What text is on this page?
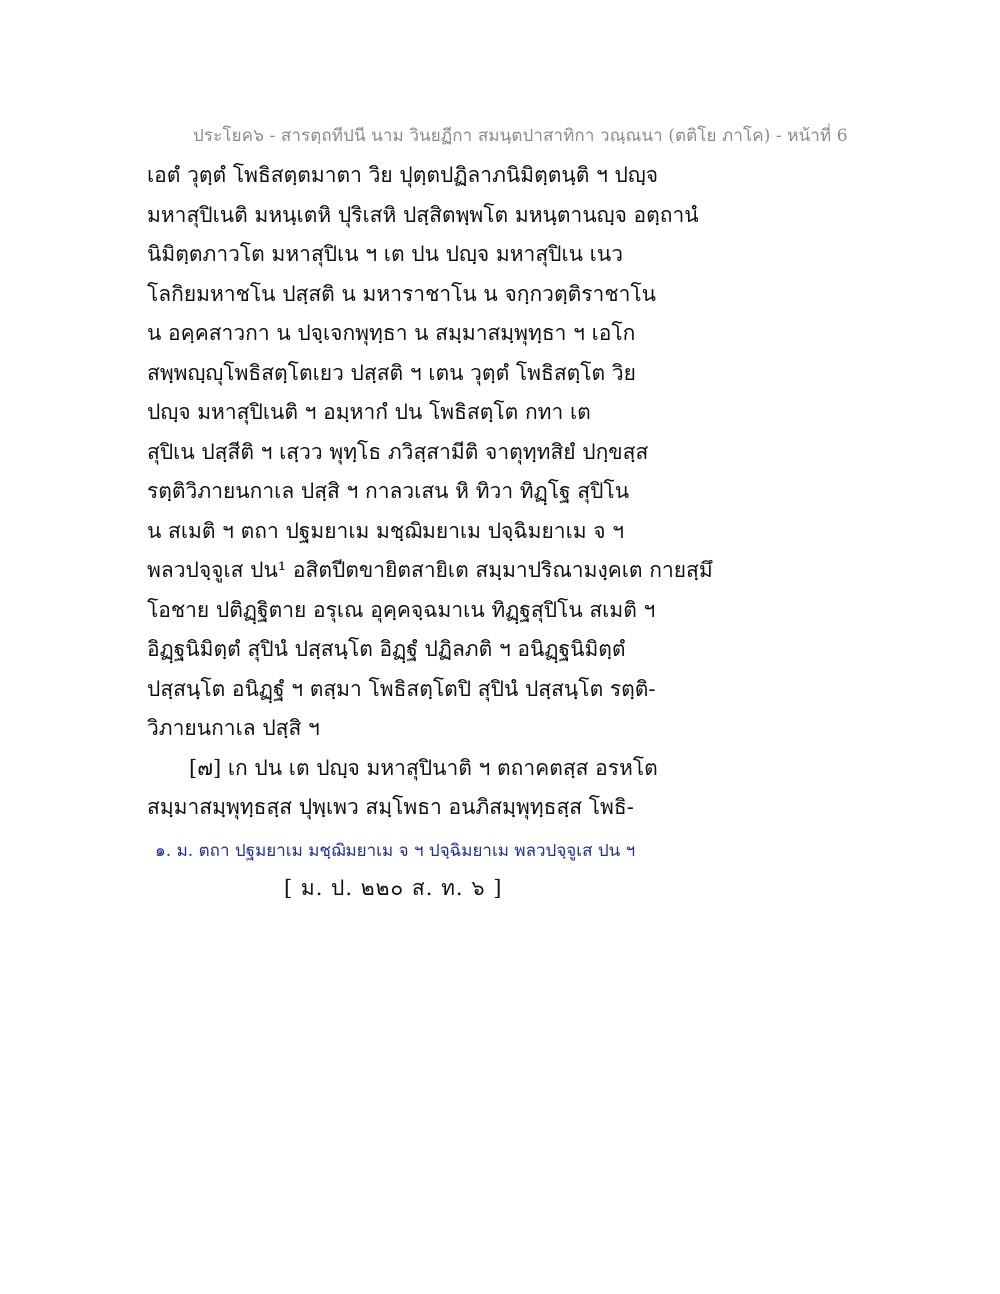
ประโยค๖ - สารตฺถทีปนี นาม วินยฏีกา สมนฺตปาสาทิกา วณฺณนา (ตติโย ภาโค) - หน้าที่ 6
เอตํ วุตฺตํ โพธิสตฺตมาตา วิย ปุตฺตปฏิลาภนิมิตฺตนฺติ ฯ ปญฺจ
มหาสุปิเนติ มหนฺเตหิ ปุริเสหิ ปสฺสิตพฺพโต มหนฺตานญฺจ อตฺถานํ
นิมิตฺตภาวโต มหาสุปิเน ฯ เต ปน ปญฺจ มหาสุปิเน เนว
โลกิยมหาชโน ปสฺสติ น มหาราชาโน น จกฺกวตฺติราชาโน
น อคฺคสาวกา น ปจฺเจกพุทฺธา น สมฺมาสมฺพุทฺธา ฯ เอโก
สพฺพญฺญุโพธิสตฺโตเยว ปสฺสติ ฯ เตน วุตฺตํ โพธิสตฺโต วิย
ปญฺจ มหาสุปิเนติ ฯ อมฺหากํ ปน โพธิสตฺโต กทา เต
สุปิเน ปสฺสีติ ฯ เสฺวว พุทฺโธ ภวิสฺสามีติ จาตุทฺทสิยํ ปกฺขสฺส
รตฺติวิภายนกาเล ปสฺสิ ฯ กาลวเสน หิ ทิวา ทิฏฺโฐ สุปิโน
น สเมติ ฯ ตถา ปฐมยาเม มชฺฌิมยาเม ปจฺฉิมยาเม จ ฯ
พลวปจฺจูเส ปน¹ อสิตปีตขายิตสายิเต สมฺมาปริณามงฺคเต กายสฺมึ
โอชาย ปติฏฺฐิตาย อรุเณ อุคฺคจฺฉมาเน ทิฏฺฐสุปิโน สเมติ ฯ
อิฏฺฐนิมิตฺตํ สุปินํ ปสฺสนฺโต อิฏฺฐํ ปฏิลภติ ฯ อนิฏฺฐนิมิตฺตํ
ปสฺสนฺโต อนิฏฺฐํ ฯ ตสฺมา โพธิสตฺโตปิ สุปินํ ปสฺสนฺโต รตฺติ-
วิภายนกาเล ปสฺสิ ฯ
[๗] เก ปน เต ปญฺจ มหาสุปินาติ ฯ ตถาคตสฺส อรหโต
สมฺมาสมฺพุทฺธสฺส ปุพฺเพว สมฺโพธา อนภิสมฺพุทฺธสฺส โพธิ-
๑. ม. ตถา ปฐมยาเม มชฺฌิมยาเม จ ฯ ปจฺฉิมยาเม พลวปจฺจูเส ปน ฯ
[ ม. ป. ๒๒๐ ส. ท. ๖ ]
